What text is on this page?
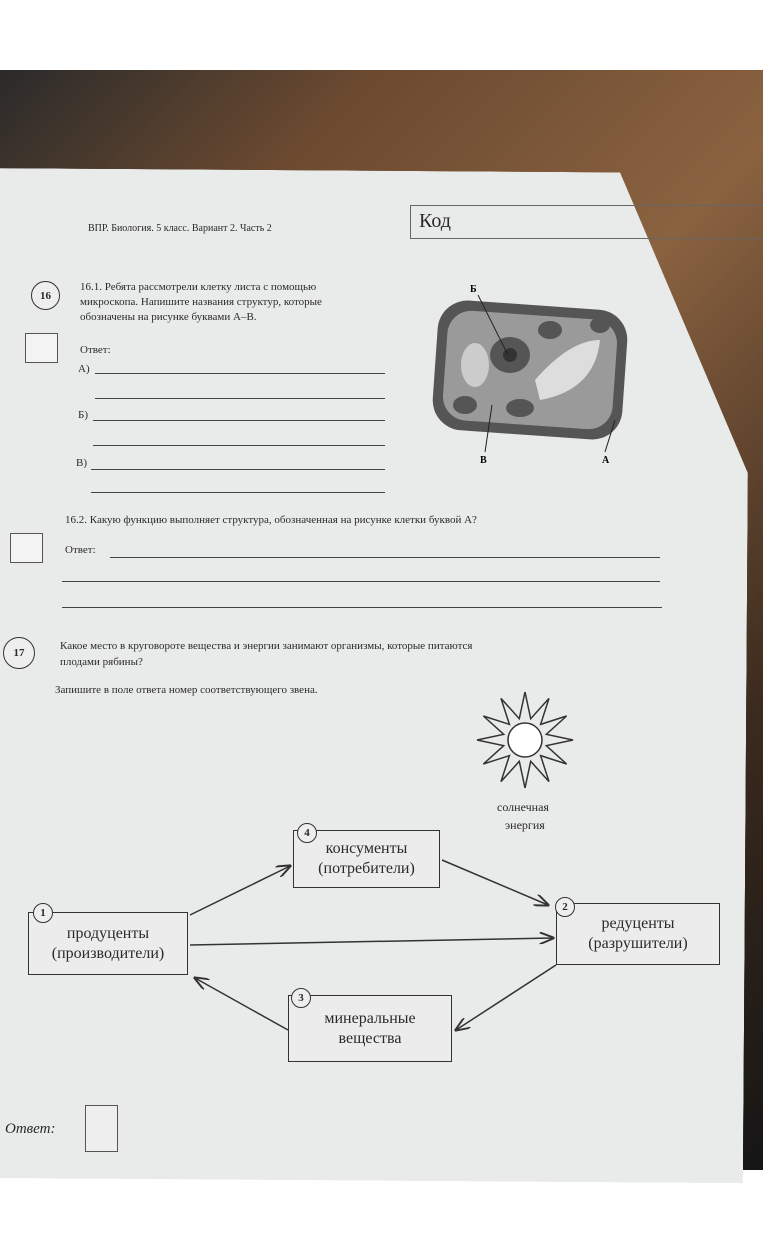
ВПР. Биология. 5 класс. Вариант 2. Часть 2	Код
16
16.1. Ребята рассмотрели клетку листа с помощью
микроскопа. Напишите названия структур, которые
обозначены на рисунке буквами А–В.
Ответ:
А)
Б)
В)
Б
В	А
16.2. Какую функцию выполняет структура, обозначенная на рисунке клетки буквой А?
Ответ:
17
Какое место в круговороте вещества и энергии занимают организмы, которые питаются
плодами рябины?
Запишите в поле ответа номер соответствующего звена.
солнечная
энергия
консументы
(потребители)
4
продуценты
(производители)
1
редуценты
(разрушители)
2
минеральные
вещества
3
Ответ:
